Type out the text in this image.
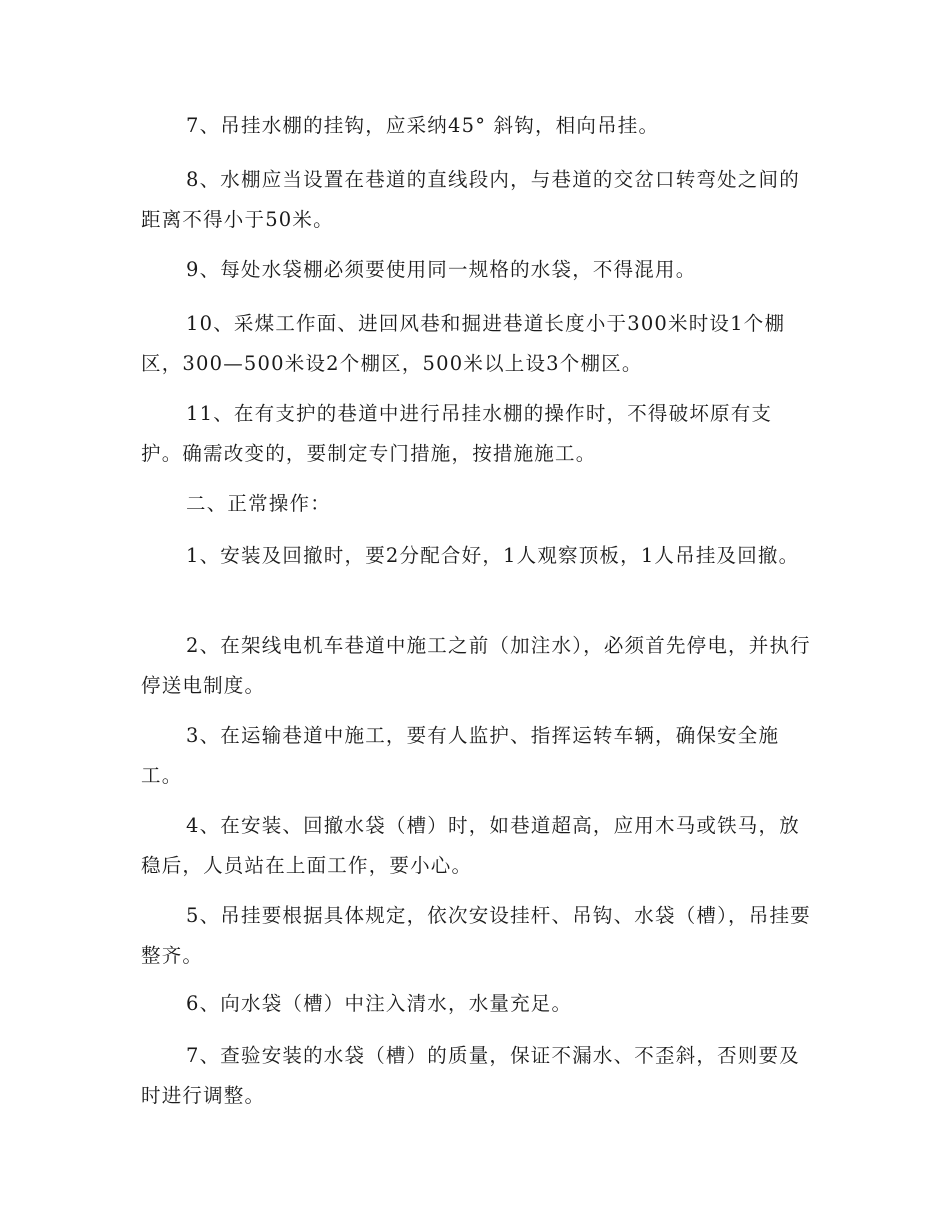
7、吊挂水棚的挂钩，应采纳45° 斜钩，相向吊挂。

8、水棚应当设置在巷道的直线段内，与巷道的交岔口转弯处之间的距离不得小于50米。

9、每处水袋棚必须要使用同一规格的水袋，不得混用。

10、采煤工作面、进回风巷和掘进巷道长度小于300米时设1个棚区，300—500米设2个棚区，500米以上设3个棚区。

11、在有支护的巷道中进行吊挂水棚的操作时，不得破坏原有支护。确需改变的，要制定专门措施，按措施施工。

二、正常操作：

1、安装及回撤时，要2分配合好，1人观察顶板，1人吊挂及回撤。

2、在架线电机车巷道中施工之前（加注水），必须首先停电，并执行停送电制度。

3、在运输巷道中施工，要有人监护、指挥运转车辆，确保安全施工。

4、在安装、回撤水袋（槽）时，如巷道超高，应用木马或铁马，放稳后，人员站在上面工作，要小心。

5、吊挂要根据具体规定，依次安设挂杆、吊钩、水袋（槽），吊挂要整齐。

6、向水袋（槽）中注入清水，水量充足。

7、查验安装的水袋（槽）的质量，保证不漏水、不歪斜，否则要及时进行调整。
